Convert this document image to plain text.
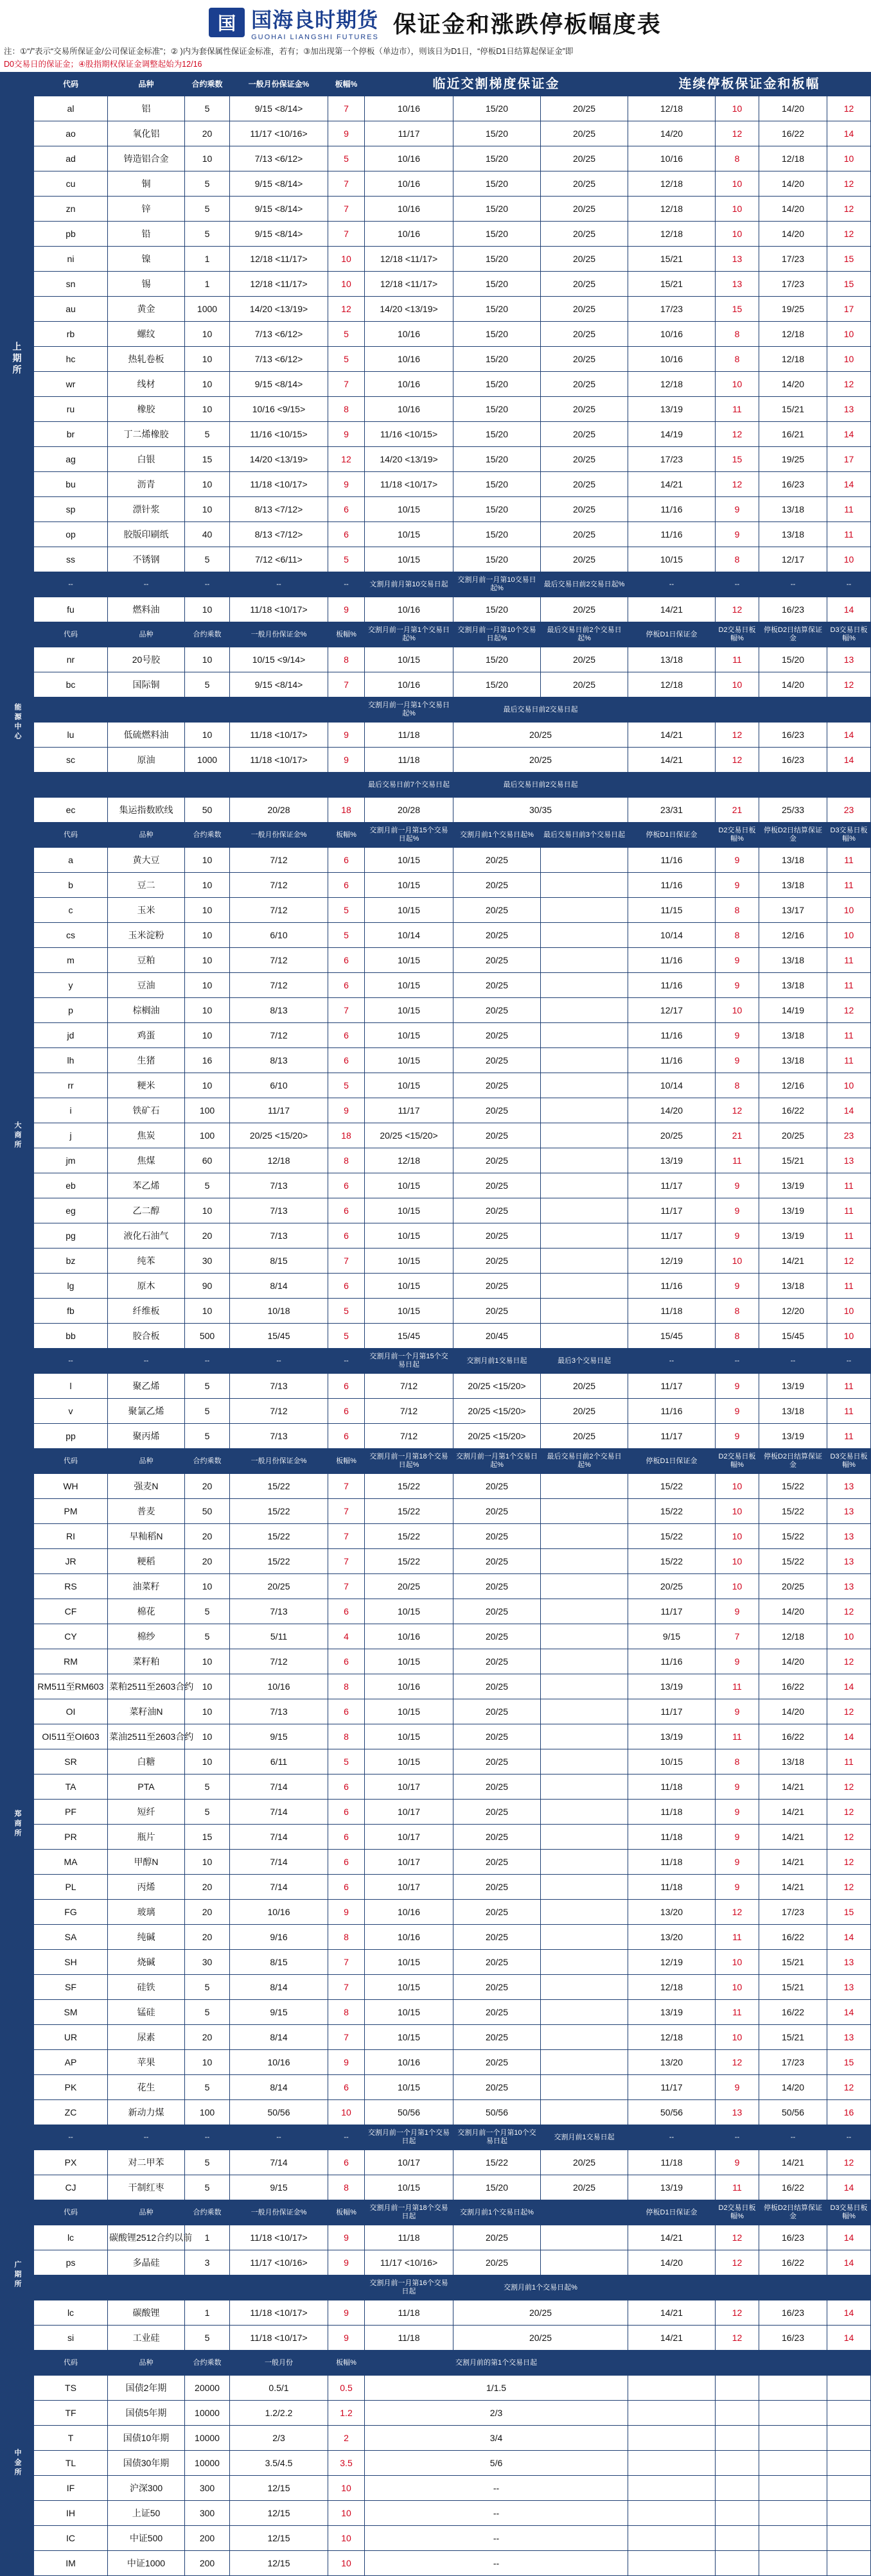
国 国海良时期货
GUOHAI LIANGSHI FUTURES
保证金和涨跌停板幅度表
注：①“/”表示“交易所保证金/公司保证金标准”；② )内为套保属性保证金标准，若有；③加出现第一个停板（单边市），则该日为D1日，“停板D1日结算起保证金”即
D0交易日的保证金；④股指期权保证金调整起始为12/16
	代码	品种	合约乘数	一般月份保证金%	板幅%	临近交割梯度保证金			连续停板保证金和板幅			
上期所	al	铝	5	9/15 <8/14>	7	10/16	15/20	20/25	12/18	10	14/20	12
	ao	氧化铝	20	11/17 <10/16>	9	11/17	15/20	20/25	14/20	12	16/22	14
	ad	铸造铝合金	10	7/13 <6/12>	5	10/16	15/20	20/25	10/16	8	12/18	10
	cu	铜	5	9/15 <8/14>	7	10/16	15/20	20/25	12/18	10	14/20	12
	zn	锌	5	9/15 <8/14>	7	10/16	15/20	20/25	12/18	10	14/20	12
	pb	铅	5	9/15 <8/14>	7	10/16	15/20	20/25	12/18	10	14/20	12
	ni	镍	1	12/18 <11/17>	10	12/18 <11/17>	15/20	20/25	15/21	13	17/23	15
	sn	锡	1	12/18 <11/17>	10	12/18 <11/17>	15/20	20/25	15/21	13	17/23	15
	au	黄金	1000	14/20 <13/19>	12	14/20 <13/19>	15/20	20/25	17/23	15	19/25	17
	rb	螺纹	10	7/13 <6/12>	5	10/16	15/20	20/25	10/16	8	12/18	10
	hc	热轧卷板	10	7/13 <6/12>	5	10/16	15/20	20/25	10/16	8	12/18	10
	wr	线材	10	9/15 <8/14>	7	10/16	15/20	20/25	12/18	10	14/20	12
	ru	橡胶	10	10/16 <9/15>	8	10/16	15/20	20/25	13/19	11	15/21	13
	br	丁二烯橡胶	5	11/16 <10/15>	9	11/16 <10/15>	15/20	20/25	14/19	12	16/21	14
	ag	白银	15	14/20 <13/19>	12	14/20 <13/19>	15/20	20/25	17/23	15	19/25	17
	bu	沥青	10	11/18 <10/17>	9	11/18 <10/17>	15/20	20/25	14/21	12	16/23	14
	sp	漂针浆	10	8/13 <7/12>	6	10/15	15/20	20/25	11/16	9	13/18	11
	op	胶版印刷纸	40	8/13 <7/12>	6	10/15	15/20	20/25	11/16	9	13/18	11
	ss	不锈钢	5	7/12 <6/11>	5	10/15	15/20	20/25	10/15	8	12/17	10
	--	--	--	--	--	文割月前月第10交易日起	交割月前一月第10交易日起%	最后交易日前2交易日起%	--	--	--	--
	fu	燃料油	10	11/18 <10/17>	9	10/16	15/20	20/25	14/21	12	16/23	14
能源中心	代码	品种	合约乘数	一般月份保证金%	板幅%	交割月前一月第1个交易日起%	交割月前一月第10个交易日起%	最后交易日前2个交易日起%	停板D1日保证金	D2交易日板幅%	停板D2日结算保证金	D3交易日板幅%
	nr	20号胶	10	10/15 <9/14>	8	10/15	15/20	20/25	13/18	11	15/20	13
	bc	国际铜	5	9/15 <8/14>	7	10/16	15/20	20/25	12/18	10	14/20	12
						交割月前一月第1个交易日起%	最后交易日前2交易日起					
	lu	低硫燃料油	10	11/18 <10/17>	9	11/18	20/25		14/21	12	16/23	14
	sc	原油	1000	11/18 <10/17>	9	11/18	20/25		14/21	12	16/23	14
						最后交易日前7个交易日起	最后交易日前2交易日起					
	ec	集运指数欧线	50	20/28	18	20/28	30/35		23/31	21	25/33	23
大商所	代码	品种	合约乘数	一般月份保证金%	板幅%	交割月前一月第15个交易日起%	交割月前1个交易日起%	最后交易日前3个交易日起	停板D1日保证金	D2交易日板幅%	停板D2日结算保证金	D3交易日板幅%
	a	黄大豆	10	7/12	6	10/15	20/25		11/16	9	13/18	11
	b	豆二	10	7/12	6	10/15	20/25		11/16	9	13/18	11
	c	玉米	10	7/12	5	10/15	20/25		11/15	8	13/17	10
	cs	玉米淀粉	10	6/10	5	10/14	20/25		10/14	8	12/16	10
	m	豆粕	10	7/12	6	10/15	20/25		11/16	9	13/18	11
	y	豆油	10	7/12	6	10/15	20/25		11/16	9	13/18	11
	p	棕榈油	10	8/13	7	10/15	20/25		12/17	10	14/19	12
	jd	鸡蛋	10	7/12	6	10/15	20/25		11/16	9	13/18	11
	lh	生猪	16	8/13	6	10/15	20/25		11/16	9	13/18	11
	rr	粳米	10	6/10	5	10/15	20/25		10/14	8	12/16	10
	i	铁矿石	100	11/17	9	11/17	20/25		14/20	12	16/22	14
	j	焦炭	100	20/25 <15/20>	18	20/25 <15/20>	20/25		20/25	21	20/25	23
	jm	焦煤	60	12/18	8	12/18	20/25		13/19	11	15/21	13
	eb	苯乙烯	5	7/13	6	10/15	20/25		11/17	9	13/19	11
	eg	乙二醇	10	7/13	6	10/15	20/25		11/17	9	13/19	11
	pg	液化石油气	20	7/13	6	10/15	20/25		11/17	9	13/19	11
	bz	纯苯	30	8/15	7	10/15	20/25		12/19	10	14/21	12
	lg	原木	90	8/14	6	10/15	20/25		11/16	9	13/18	11
	fb	纤维板	10	10/18	5	10/15	20/25		11/18	8	12/20	10
	bb	胶合板	500	15/45	5	15/45	20/45		15/45	8	15/45	10
	--	--	--	--	--	交割月前一个月第15个交易日起	交割月前1交易日起	最后3个交易日起	--	--	--	--
	l	聚乙烯	5	7/13	6	7/12	20/25 <15/20>	20/25	11/17	9	13/19	11
	v	聚氯乙烯	5	7/12	6	7/12	20/25 <15/20>	20/25	11/16	9	13/18	11
	pp	聚丙烯	5	7/13	6	7/12	20/25 <15/20>	20/25	11/17	9	13/19	11
郑商所	代码	品种	合约乘数	一般月份保证金%	板幅%	交割月前一月第18个交易日起%	交割月前一月第1个交易日起%	最后交易日前2个交易日起%	停板D1日保证金	D2交易日板幅%	停板D2日结算保证金	D3交易日板幅%
	WH	强麦N	20	15/22	7	15/22	20/25		15/22	10	15/22	13
	PM	普麦	50	15/22	7	15/22	20/25		15/22	10	15/22	13
	RI	早籼稻N	20	15/22	7	15/22	20/25		15/22	10	15/22	13
	JR	粳稻	20	15/22	7	15/22	20/25		15/22	10	15/22	13
	RS	油菜籽	10	20/25	7	20/25	20/25		20/25	10	20/25	13
	CF	棉花	5	7/13	6	10/15	20/25		11/17	9	14/20	12
	CY	棉纱	5	5/11	4	10/16	20/25		9/15	7	12/18	10
	RM	菜籽粕	10	7/12	6	10/15	20/25		11/16	9	14/20	12
	RM511至RM603	菜粕2511至2603合约	10	10/16	8	10/16	20/25		13/19	11	16/22	14
	OI	菜籽油N	10	7/13	6	10/15	20/25		11/17	9	14/20	12
	OI511至OI603	菜油2511至2603合约	10	9/15	8	10/15	20/25		13/19	11	16/22	14
	SR	白糖	10	6/11	5	10/15	20/25		10/15	8	13/18	11
	TA	PTA	5	7/14	6	10/17	20/25		11/18	9	14/21	12
	PF	短纤	5	7/14	6	10/17	20/25		11/18	9	14/21	12
	PR	瓶片	15	7/14	6	10/17	20/25		11/18	9	14/21	12
	MA	甲醇N	10	7/14	6	10/17	20/25		11/18	9	14/21	12
	PL	丙烯	20	7/14	6	10/17	20/25		11/18	9	14/21	12
	FG	玻璃	20	10/16	9	10/16	20/25		13/20	12	17/23	15
	SA	纯碱	20	9/16	8	10/16	20/25		13/20	11	16/22	14
	SH	烧碱	30	8/15	7	10/15	20/25		12/19	10	15/21	13
	SF	硅铁	5	8/14	7	10/15	20/25		12/18	10	15/21	13
	SM	锰硅	5	9/15	8	10/15	20/25		13/19	11	16/22	14
	UR	尿素	20	8/14	7	10/15	20/25		12/18	10	15/21	13
	AP	苹果	10	10/16	9	10/16	20/25		13/20	12	17/23	15
	PK	花生	5	8/14	6	10/15	20/25		11/17	9	14/20	12
	ZC	新动力煤	100	50/56	10	50/56	50/56		50/56	13	50/56	16
	--	--	--	--	--	交割月前一个月第1个交易日起	交割月前一个月第10个交易日起	交割月前1交易日起	--	--	--	--
	PX	对二甲苯	5	7/14	6	10/17	15/22	20/25	11/18	9	14/21	12
	CJ	干制红枣	5	9/15	8	10/15	15/20	20/25	13/19	11	16/22	14
广期所	代码	品种	合约乘数	一般月份保证金%	板幅%	交割月前一月第18个交易日起	交割月前1个交易日起%		停板D1日保证金	D2交易日板幅%	停板D2日结算保证金	D3交易日板幅%
	lc	碳酸锂2512合约以前	1	11/18 <10/17>	9	11/18	20/25		14/21	12	16/23	14
	ps	多晶硅	3	11/17 <10/16>	9	11/17 <10/16>	20/25		14/20	12	16/22	14
						交割月前一月第16个交易日起	交割月前1个交易日起%					
	lc	碳酸锂	1	11/18 <10/17>	9	11/18	20/25		14/21	12	16/23	14
	si	工业硅	5	11/18 <10/17>	9	11/18	20/25		14/21	12	16/23	14
中金所	代码	品种	合约乘数	一般月份	板幅%	交割月前的第1个交易日起						
	TS	国债2年期	20000	0.5/1	0.5	1/1.5						
	TF	国债5年期	10000	1.2/2.2	1.2	2/3						
	T	国债10年期	10000	2/3	2	3/4						
	TL	国债30年期	10000	3.5/4.5	3.5	5/6						
	IF	沪深300	300	12/15	10	--						
	IH	上证50	300	12/15	10	--						
	IC	中证500	200	12/15	10	--						
	IM	中证1000	200	12/15	10	--						
